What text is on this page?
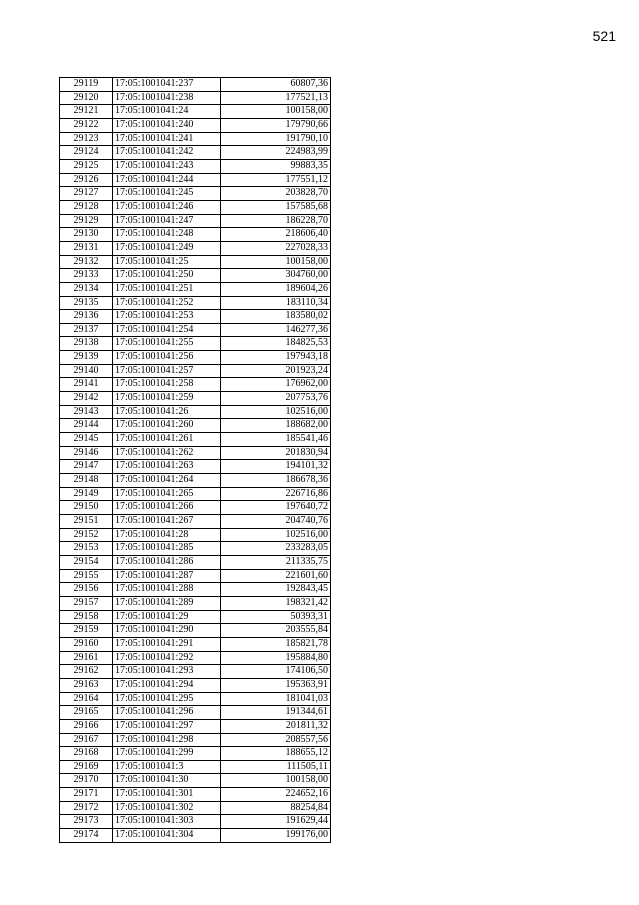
521
29119	17:05:1001041:237	60807,36
29120	17:05:1001041:238	177521,13
29121	17:05:1001041:24	100158,00
29122	17:05:1001041:240	179790,66
29123	17:05:1001041:241	191790,10
29124	17:05:1001041:242	224983,99
29125	17:05:1001041:243	99883,35
29126	17:05:1001041:244	177551,12
29127	17:05:1001041:245	203828,70
29128	17:05:1001041:246	157585,68
29129	17:05:1001041:247	186228,70
29130	17:05:1001041:248	218606,40
29131	17:05:1001041:249	227028,33
29132	17:05:1001041:25	100158,00
29133	17:05:1001041:250	304760,00
29134	17:05:1001041:251	189604,26
29135	17:05:1001041:252	183110,34
29136	17:05:1001041:253	183580,02
29137	17:05:1001041:254	146277,36
29138	17:05:1001041:255	184825,53
29139	17:05:1001041:256	197943,18
29140	17:05:1001041:257	201923,24
29141	17:05:1001041:258	176962,00
29142	17:05:1001041:259	207753,76
29143	17:05:1001041:26	102516,00
29144	17:05:1001041:260	188682,00
29145	17:05:1001041:261	185541,46
29146	17:05:1001041:262	201830,94
29147	17:05:1001041:263	194101,32
29148	17:05:1001041:264	186678,36
29149	17:05:1001041:265	226716,86
29150	17:05:1001041:266	197640,72
29151	17:05:1001041:267	204740,76
29152	17:05:1001041:28	102516,00
29153	17:05:1001041:285	233283,05
29154	17:05:1001041:286	211335,75
29155	17:05:1001041:287	221601,60
29156	17:05:1001041:288	192843,45
29157	17:05:1001041:289	198321,42
29158	17:05:1001041:29	50393,31
29159	17:05:1001041:290	203555,84
29160	17:05:1001041:291	185821,78
29161	17:05:1001041:292	195884,80
29162	17:05:1001041:293	174106,50
29163	17:05:1001041:294	195363,91
29164	17:05:1001041:295	181041,03
29165	17:05:1001041:296	191344,61
29166	17:05:1001041:297	201811,32
29167	17:05:1001041:298	208557,56
29168	17:05:1001041:299	188655,12
29169	17:05:1001041:3	111505,11
29170	17:05:1001041:30	100158,00
29171	17:05:1001041:301	224652,16
29172	17:05:1001041:302	88254,84
29173	17:05:1001041:303	191629,44
29174	17:05:1001041:304	199176,00
